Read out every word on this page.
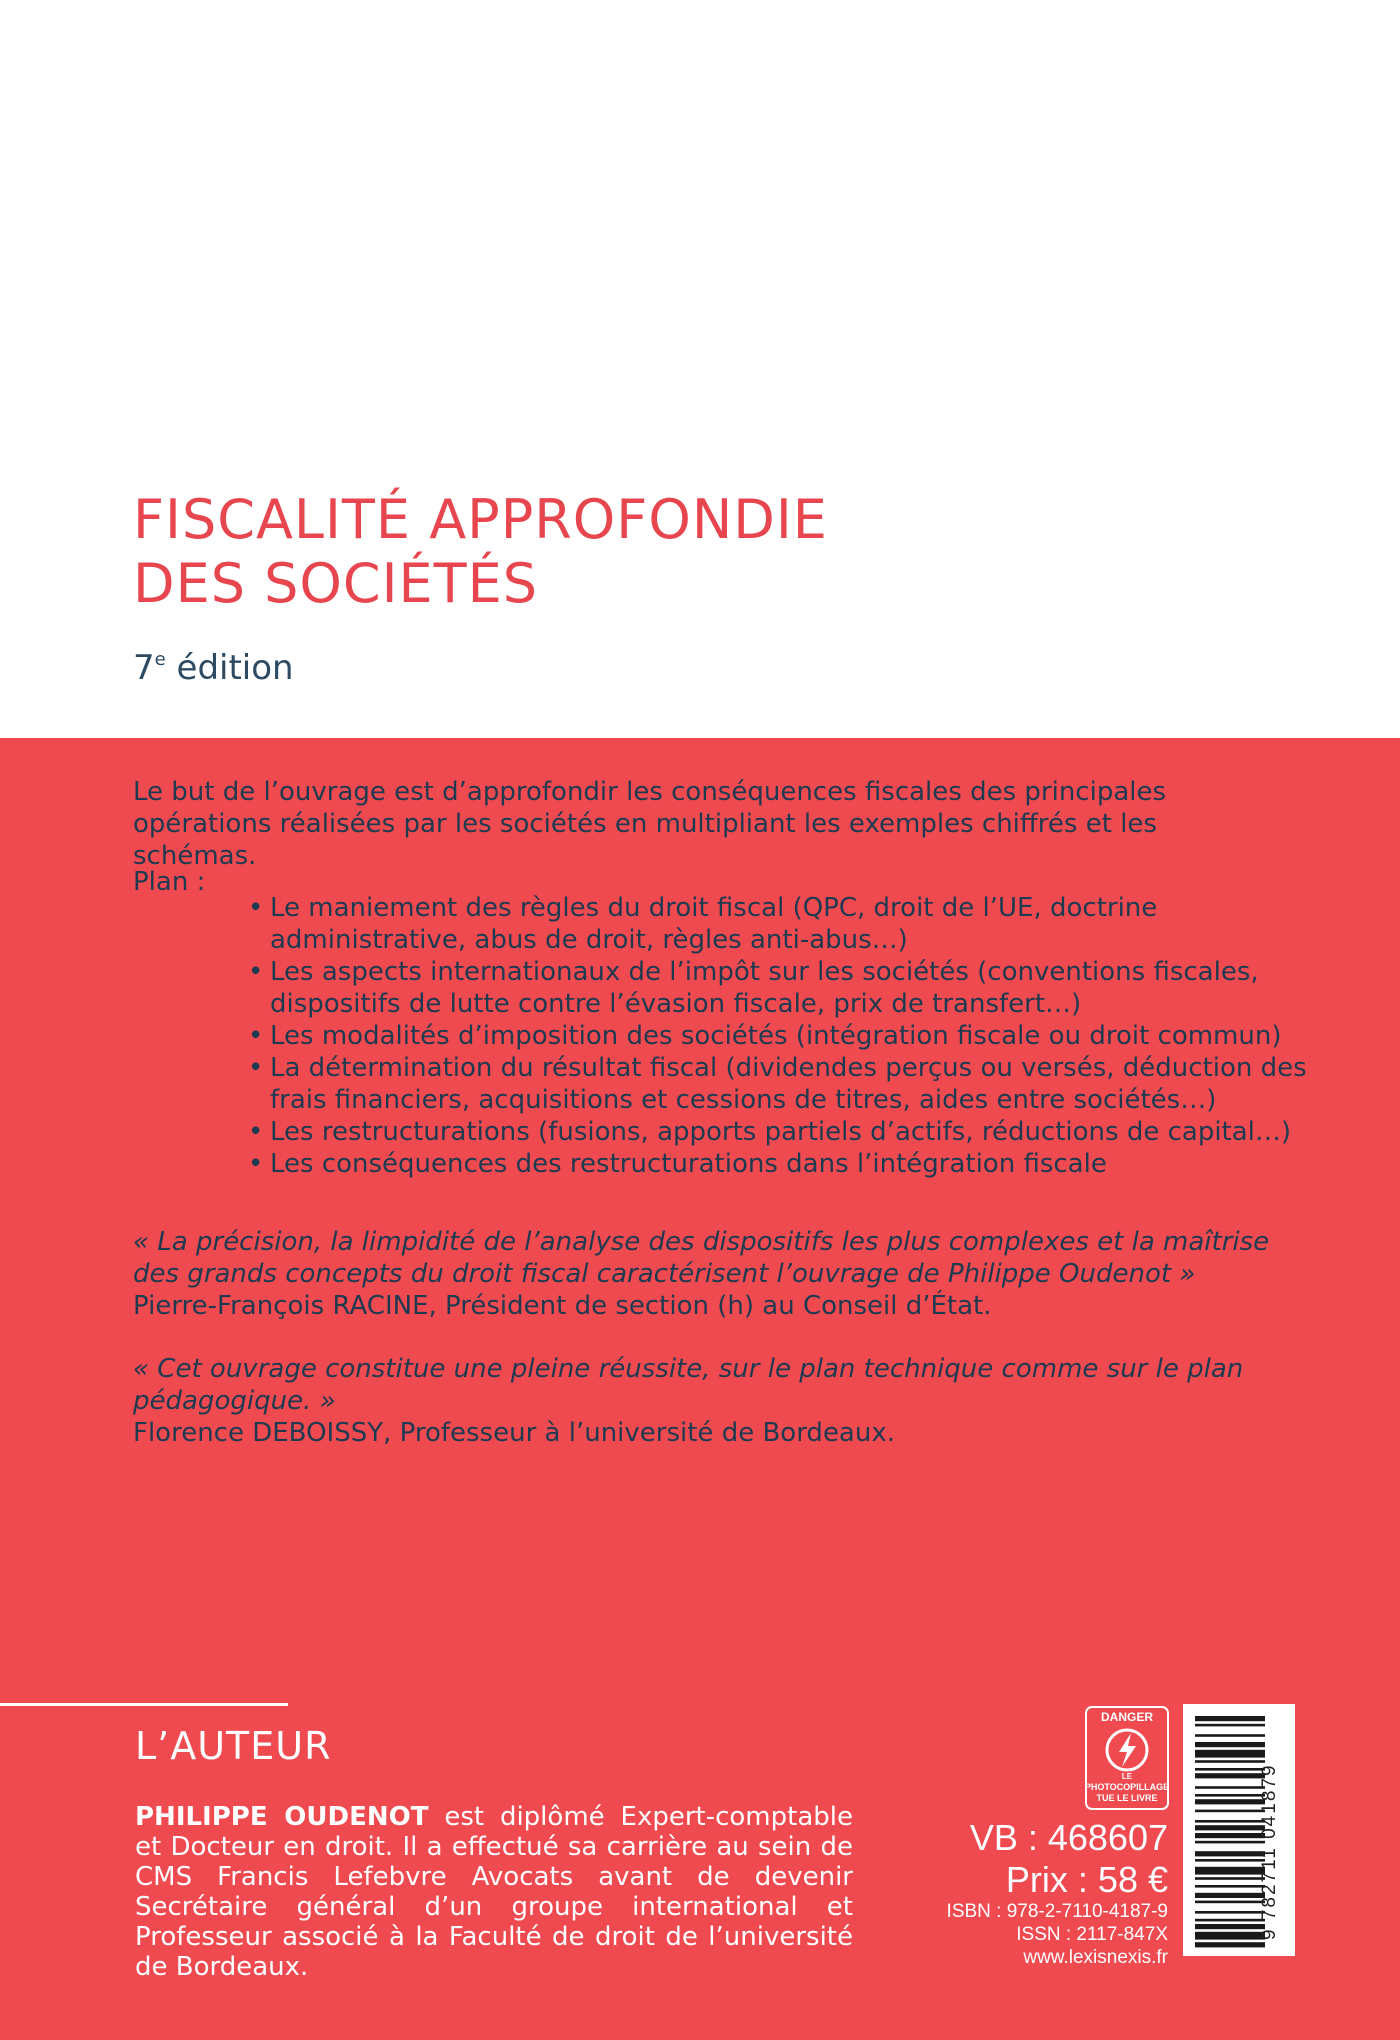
FISCALITÉ APPROFONDIE
DES SOCIÉTÉS
7e édition

Le but de l’ouvrage est d’approfondir les conséquences fiscales des principales opérations réalisées par les sociétés en multipliant les exemples chiffrés et les schémas.

Plan :

• Le maniement des règles du droit fiscal (QPC, droit de l’UE, doctrine administrative, abus de droit, règles anti-abus…)
• Les aspects internationaux de l’impôt sur les sociétés (conventions fiscales, dispositifs de lutte contre l’évasion fiscale, prix de transfert…)
• Les modalités d’imposition des sociétés (intégration fiscale ou droit commun)
• La détermination du résultat fiscal (dividendes perçus ou versés, déduction des frais financiers, acquisitions et cessions de titres, aides entre sociétés…)
• Les restructurations (fusions, apports partiels d’actifs, réductions de capital…)
• Les conséquences des restructurations dans l’intégration fiscale
« La précision, la limpidité de l’analyse des dispositifs les plus complexes et la maîtrise des grands concepts du droit fiscal caractérisent l’ouvrage de Philippe Oudenot »
Pierre-François RACINE, Président de section (h) au Conseil d’État.
« Cet ouvrage constitue une pleine réussite, sur le plan technique comme sur le plan pédagogique. »
Florence DEBOISSY, Professeur à l’université de Bordeaux.
L’AUTEUR

PHILIPPE OUDENOT est diplômé Expert-comptable et Docteur en droit. Il a effectué sa carrière au sein de CMS Francis Lefebvre Avocats avant de devenir Secrétaire général d’un groupe international et Professeur associé à la Faculté de droit de l’université de Bordeaux.

DANGER
LE
PHOTOCOPILLAGE
TUE LE LIVRE
VB : 468607
Prix : 58 €
ISBN : 978-2-7110-4187-9
ISSN : 2117-847X
www.lexisnexis.fr
9 782711 041879
